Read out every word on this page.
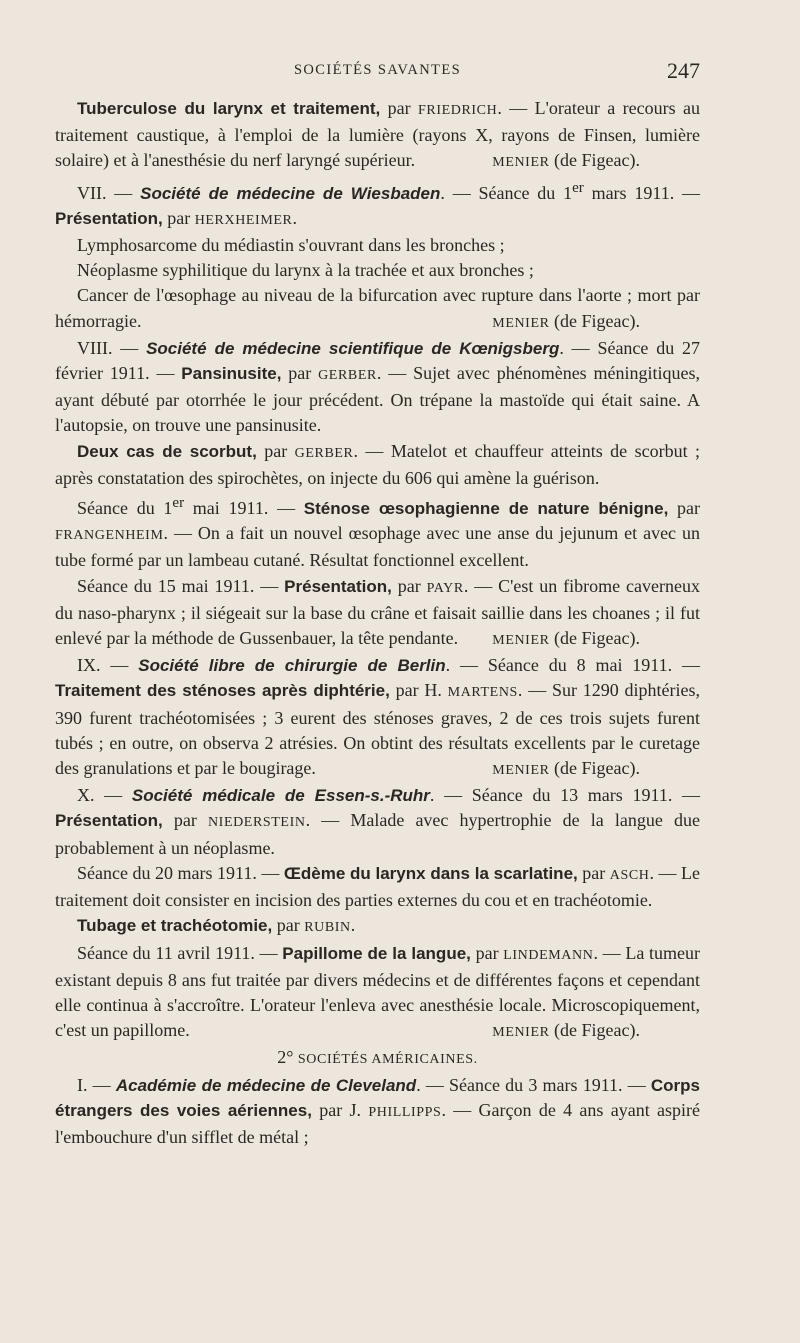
SOCIÉTÉS SAVANTES	247

Tuberculose du larynx et traitement, par FRIEDRICH. — L'orateur a recours au traitement caustique, à l'emploi de la lumière (rayons X, rayons de Finsen, lumière solaire) et à l'anesthésie du nerf laryngé supérieur.	MENIER (de Figeac).

VII. — Société de médecine de Wiesbaden. — Séance du 1er mars 1911. — Présentation, par HERXHEIMER.

Lymphosarcome du médiastin s'ouvrant dans les bronches ;

Néoplasme syphilitique du larynx à la trachée et aux bronches ;

Cancer de l'œsophage au niveau de la bifurcation avec rupture dans l'aorte ; mort par hémorragie.	MENIER (de Figeac).

VIII. — Société de médecine scientifique de Kœnigsberg. — Séance du 27 février 1911. — Pansinusite, par GERBER. — Sujet avec phénomènes méningitiques, ayant débuté par otorrhée le jour précédent. On trépane la mastoïde qui était saine. A l'autopsie, on trouve une pansinusite.

Deux cas de scorbut, par GERBER. — Matelot et chauffeur atteints de scorbut ; après constatation des spirochètes, on injecte du 606 qui amène la guérison.

Séance du 1er mai 1911. — Sténose œsophagienne de nature bénigne, par FRANGENHEIM. — On a fait un nouvel œsophage avec une anse du jejunum et avec un tube formé par un lambeau cutané. Résultat fonctionnel excellent.

Séance du 15 mai 1911. — Présentation, par PAYR. — C'est un fibrome caverneux du naso-pharynx ; il siégeait sur la base du crâne et faisait saillie dans les choanes ; il fut enlevé par la méthode de Gussenbauer, la tête pendante.	MENIER (de Figeac).

IX. — Société libre de chirurgie de Berlin. — Séance du 8 mai 1911. — Traitement des sténoses après diphtérie, par H. MARTENS. — Sur 1290 diphtéries, 390 furent trachéotomisées ; 3 eurent des sténoses graves, 2 de ces trois sujets furent tubés ; en outre, on observa 2 atrésies. On obtint des résultats excellents par le curetage des granulations et par le bougirage.	MENIER (de Figeac).

X. — Société médicale de Essen-s.-Ruhr. — Séance du 13 mars 1911. — Présentation, par NIEDERSTEIN. — Malade avec hypertrophie de la langue due probablement à un néoplasme.

Séance du 20 mars 1911. — Œdème du larynx dans la scarlatine, par ASCH. — Le traitement doit consister en incision des parties externes du cou et en trachéotomie.

Tubage et trachéotomie, par RUBIN.

Séance du 11 avril 1911. — Papillome de la langue, par LINDEMANN. — La tumeur existant depuis 8 ans fut traitée par divers médecins et de différentes façons et cependant elle continua à s'accroître. L'orateur l'enleva avec anesthésie locale. Microscopiquement, c'est un papillome.	MENIER (de Figeac).

2° SOCIÉTÉS AMÉRICAINES.

I. — Académie de médecine de Cleveland. — Séance du 3 mars 1911. — Corps étrangers des voies aériennes, par J. PHILLIPPS. — Garçon de 4 ans ayant aspiré l'embouchure d'un sifflet de métal ;
